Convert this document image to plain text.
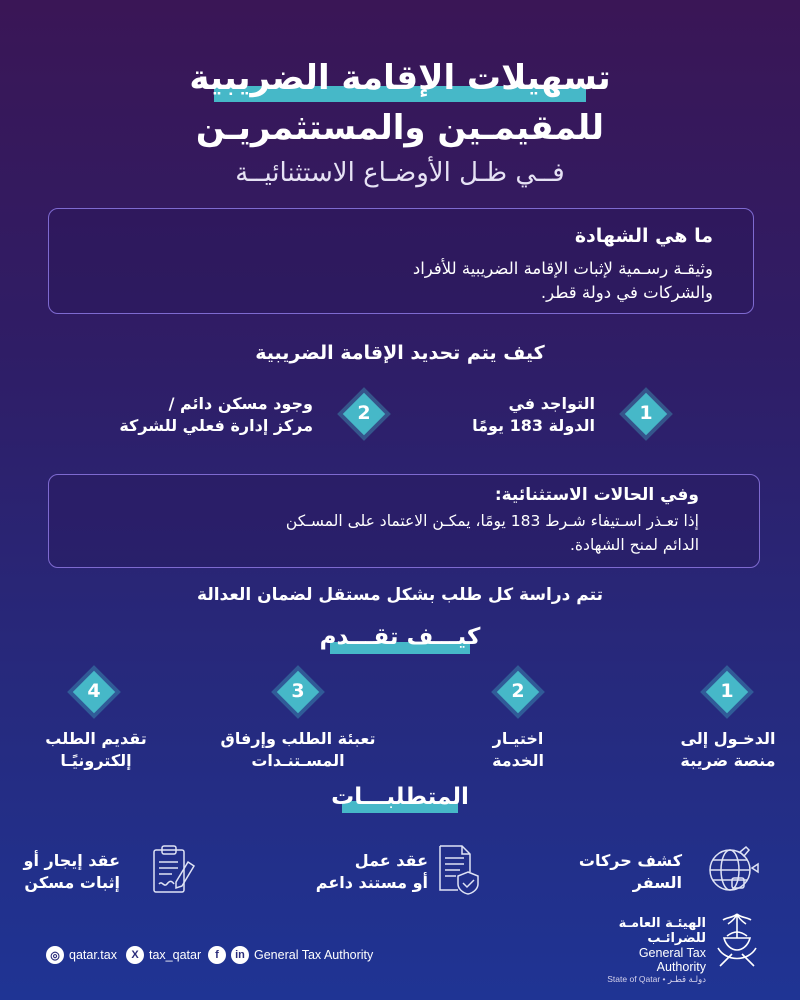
تسهيلات الإقامة الضريبية
للمقيمـين والمستثمريـن
فــي ظـل الأوضـاع الاستثنائيــة
ما هي الشهادة
وثيقـة رسـمية لإثبات الإقامة الضريبية للأفراد
والشركات في دولة قطر.
كيف يتم تحديد الإقامة الضريبية
1
التواجد في
الدولة 183 يومًا
2
وجود مسكن دائم /
مركز إدارة فعلي للشركة
وفي الحالات الاستثنائية:
إذا تعـذر اسـتيفاء شـرط 183 يومًا، يمكـن الاعتماد على المسـكن
الدائم لمنح الشهادة.
تتم دراسة كل طلب بشكل مستقل لضمان العدالة
كيـــف تقـــدم
1
الدخـول إلى
منصة ضريبة
2
اختيـار
الخدمة
3
تعبئة الطلب وإرفاق
المسـتنـدات
4
تقديم الطلب
إلكترونيًـا
المتطلبـــات
كشف حركات
السفر
عقد عمل
أو مستند داعم
عقد إيجار أو
إثبات مسكن
◎ qatar.tax	X tax_qatar	f	in General Tax Authority
الهيئـة العامـة للضرائـب
General Tax Authority
State of Qatar • دولـة قطـر
